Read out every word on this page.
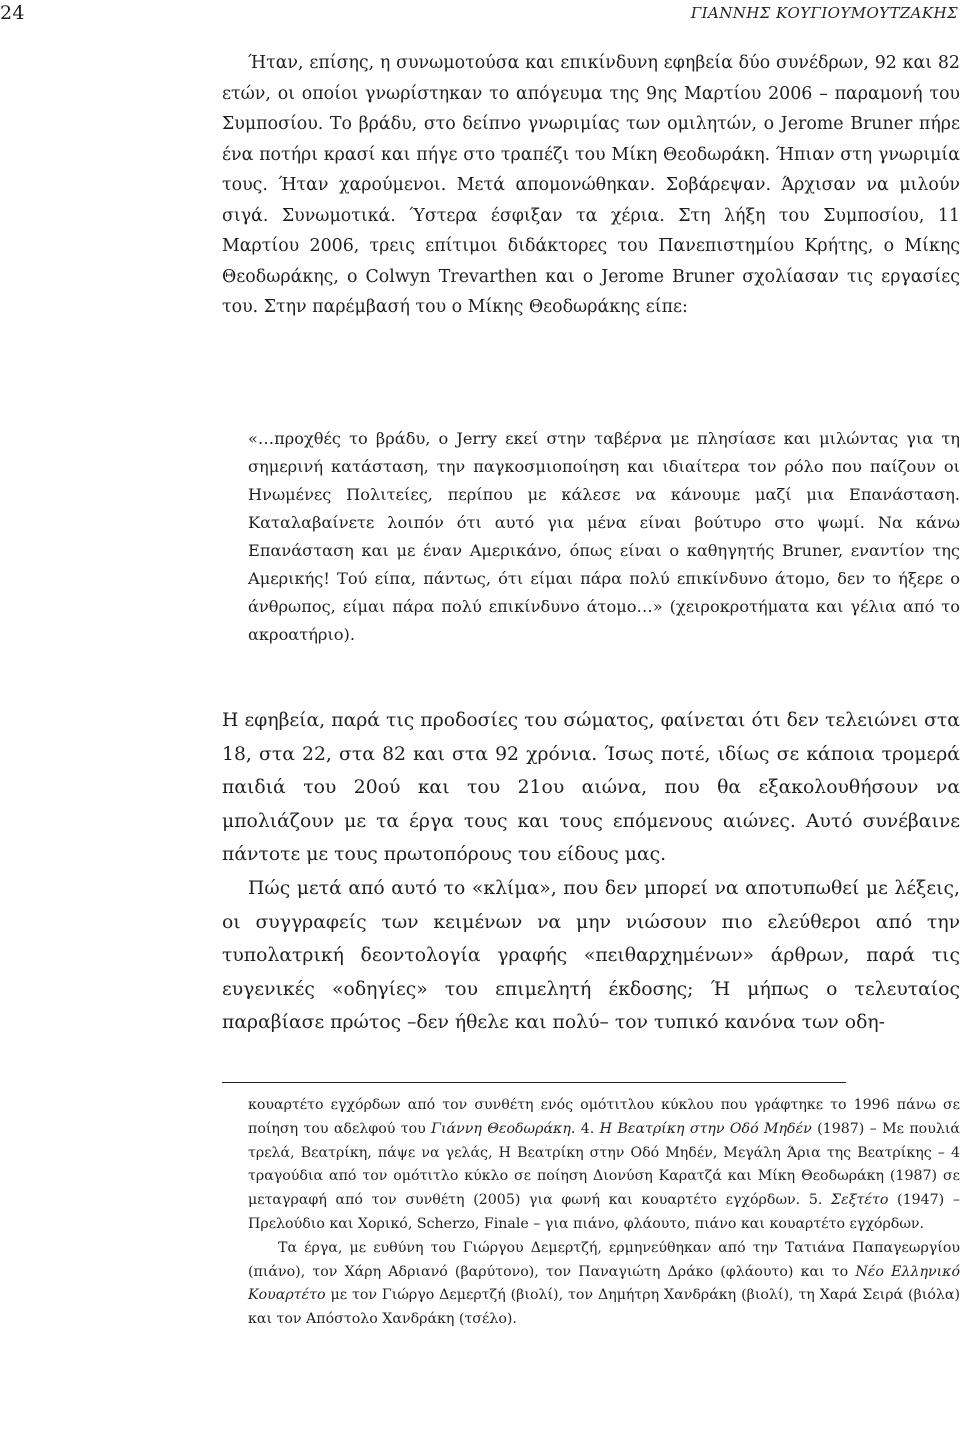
24	ΓΙΑΝΝΗΣ ΚΟΥΓΙΟΥΜΟΥΤΖΑΚΗΣ

Ήταν, επίσης, η συνωμοτούσα και επικίνδυνη εφηβεία δύο συνέδρων, 92 και 82 ετών, οι οποίοι γνωρίστηκαν το απόγευμα της 9ης Μαρτίου 2006 – παραμονή του Συμποσίου. Το βράδυ, στο δείπνο γνωριμίας των ομιλητών, ο Jerome Bruner πήρε ένα ποτήρι κρασί και πήγε στο τραπέζι του Μίκη Θεοδωράκη. Ήπιαν στη γνωριμία τους. Ήταν χαρούμενοι. Μετά απομονώθηκαν. Σοβάρεψαν. Άρχισαν να μιλούν σιγά. Συνωμοτικά. Ύστερα έσφιξαν τα χέρια. Στη λήξη του Συμποσίου, 11 Μαρτίου 2006, τρεις επίτιμοι διδάκτορες του Πανεπιστημίου Κρήτης, ο Μίκης Θεοδωράκης, ο Colwyn Trevarthen και ο Jerome Bruner σχολίασαν τις εργασίες του. Στην παρέμβασή του ο Μίκης Θεοδωράκης είπε:

«…προχθές το βράδυ, ο Jerry εκεί στην ταβέρνα με πλησίασε και μιλώντας για τη σημερινή κατάσταση, την παγκοσμιοποίηση και ιδιαίτερα τον ρόλο που παίζουν οι Ηνωμένες Πολιτείες, περίπου με κάλεσε να κάνουμε μαζί μια Επανάσταση. Καταλαβαίνετε λοιπόν ότι αυτό για μένα είναι βούτυρο στο ψωμί. Να κάνω Επανάσταση και με έναν Αμερικάνο, όπως είναι ο καθηγητής Bruner, εναντίον της Αμερικής! Τού είπα, πάντως, ότι είμαι πάρα πολύ επικίνδυνο άτομο, δεν το ήξερε ο άνθρωπος, είμαι πάρα πολύ επικίνδυνο άτομο…» (χειροκροτήματα και γέλια από το ακροατήριο).

Η εφηβεία, παρά τις προδοσίες του σώματος, φαίνεται ότι δεν τελειώνει στα 18, στα 22, στα 82 και στα 92 χρόνια. Ίσως ποτέ, ιδίως σε κάποια τρομερά παιδιά του 20ού και του 21ου αιώνα, που θα εξακολουθήσουν να μπολιάζουν με τα έργα τους και τους επόμενους αιώνες. Αυτό συνέβαινε πάντοτε με τους πρωτοπόρους του είδους μας.

Πώς μετά από αυτό το «κλίμα», που δεν μπορεί να αποτυπωθεί με λέξεις, οι συγγραφείς των κειμένων να μην νιώσουν πιο ελεύθεροι από την τυπολατρική δεοντολογία γραφής «πειθαρχημένων» άρθρων, παρά τις ευγενικές «οδηγίες» του επιμελητή έκδοσης; Ή μήπως ο τελευταίος παραβίασε πρώτος –δεν ήθελε και πολύ– τον τυπικό κανόνα των οδη-

κουαρτέτο εγχόρδων από τον συνθέτη ενός ομότιτλου κύκλου που γράφτηκε το 1996 πάνω σε ποίηση του αδελφού του Γιάννη Θεοδωράκη. 4. Η Βεατρίκη στην Οδό Μηδέν (1987) – Με πουλιά τρελά, Βεατρίκη, πάψε να γελάς, Η Βεατρίκη στην Οδό Μηδέν, Μεγάλη Άρια της Βεατρίκης – 4 τραγούδια από τον ομότιτλο κύκλο σε ποίηση Διονύση Καρατζά και Μίκη Θεοδωράκη (1987) σε μεταγραφή από τον συνθέτη (2005) για φωνή και κουαρτέτο εγχόρδων. 5. Σεξτέτο (1947) – Πρελούδιο και Χορικό, Scherzo, Finale – για πιάνο, φλάουτο, πιάνο και κουαρτέτο εγχόρδων.

Τα έργα, με ευθύνη του Γιώργου Δεμερτζή, ερμηνεύθηκαν από την Τατιάνα Παπαγεωργίου (πιάνο), τον Χάρη Αδριανό (βαρύτονο), τον Παναγιώτη Δράκο (φλάουτο) και το Νέο Ελληνικό Κουαρτέτο με τον Γιώργο Δεμερτζή (βιολί), τον Δημήτρη Χανδράκη (βιολί), τη Χαρά Σειρά (βιόλα) και τον Απόστολο Χανδράκη (τσέλο).
